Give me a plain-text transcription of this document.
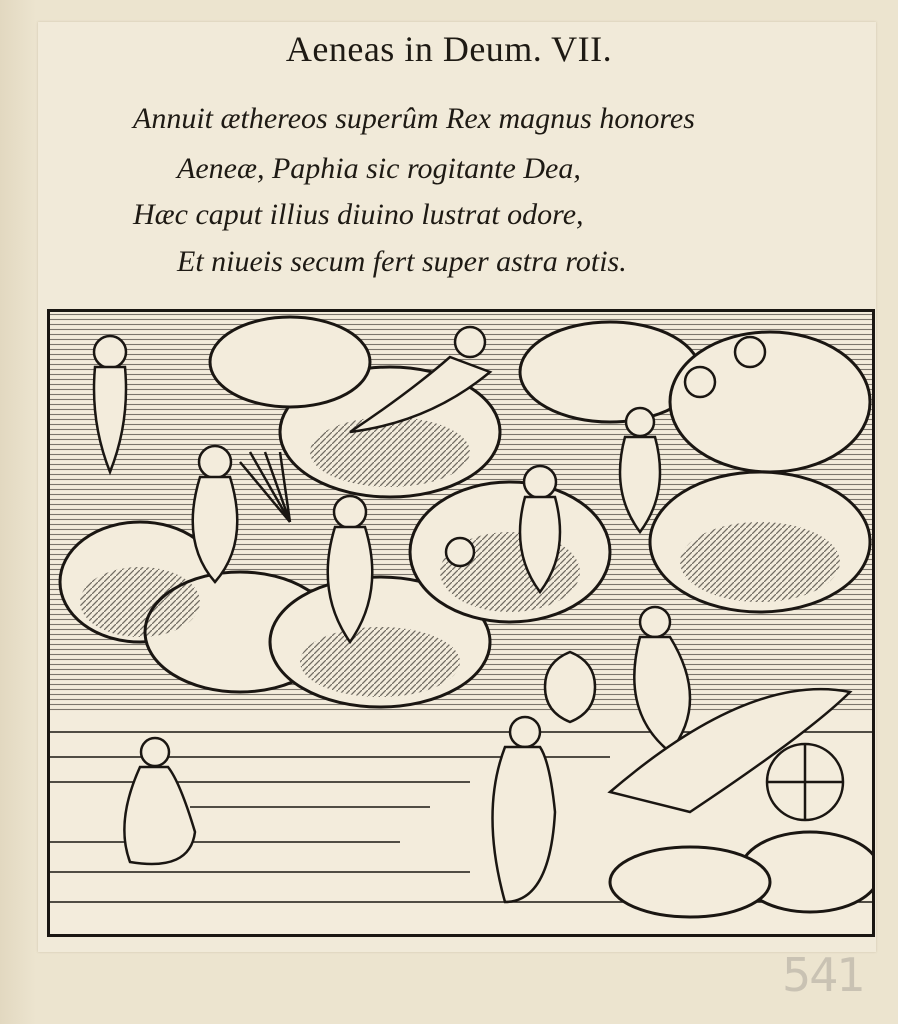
Aeneas in Deum. VII.
Annuit æthereos superûm Rex magnus honores
Aeneæ, Paphia sic rogitante Dea,
Hæc caput illius diuino lustrat odore,
Et niueis secum fert super astra rotis.
541
